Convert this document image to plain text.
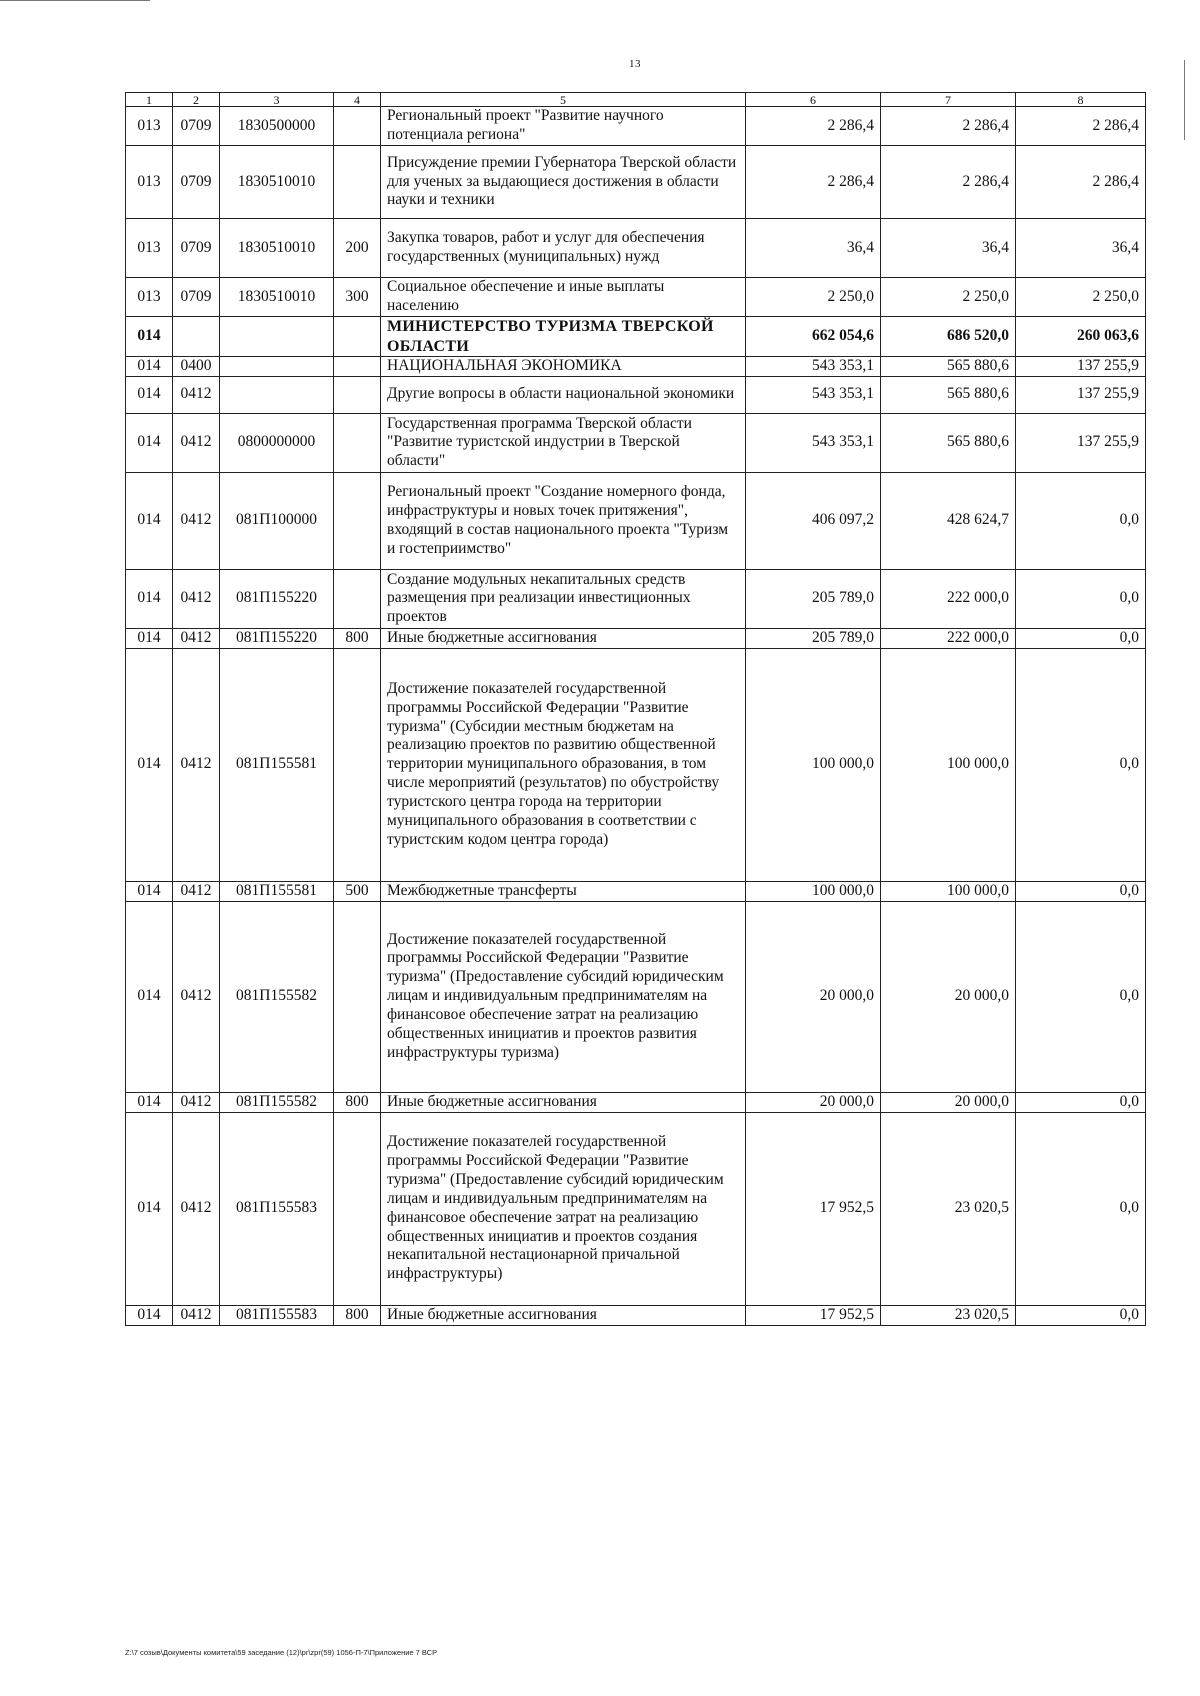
13
1	2	3	4	5	6	7	8
013	0709	1830500000		Региональный проект "Развитие научного потенциала региона"	2 286,4	2 286,4	2 286,4
013	0709	1830510010		Присуждение премии Губернатора Тверской области для ученых за выдающиеся достижения в области науки и техники	2 286,4	2 286,4	2 286,4
013	0709	1830510010	200	Закупка товаров, работ и услуг для обеспечения государственных (муниципальных) нужд	36,4	36,4	36,4
013	0709	1830510010	300	Социальное обеспечение и иные выплаты населению	2 250,0	2 250,0	2 250,0
014				МИНИСТЕРСТВО ТУРИЗМА ТВЕРСКОЙ ОБЛАСТИ	662 054,6	686 520,0	260 063,6
014	0400			НАЦИОНАЛЬНАЯ ЭКОНОМИКА	543 353,1	565 880,6	137 255,9
014	0412			Другие вопросы в области национальной экономики	543 353,1	565 880,6	137 255,9
014	0412	0800000000		Государственная программа Тверской области "Развитие туристской индустрии в Тверской области"	543 353,1	565 880,6	137 255,9
014	0412	081П100000		Региональный проект "Создание номерного фонда, инфраструктуры и новых точек притяжения", входящий в состав национального проекта "Туризм и гостеприимство"	406 097,2	428 624,7	0,0
014	0412	081П155220		Создание модульных некапитальных средств размещения при реализации инвестиционных проектов	205 789,0	222 000,0	0,0
014	0412	081П155220	800	Иные бюджетные ассигнования	205 789,0	222 000,0	0,0
014	0412	081П155581		Достижение показателей государственной программы Российской Федерации "Развитие туризма" (Субсидии местным бюджетам на реализацию проектов по развитию общественной территории муниципального образования, в том числе мероприятий (результатов) по обустройству туристского центра города на территории муниципального образования в соответствии с туристским кодом центра города)	100 000,0	100 000,0	0,0
014	0412	081П155581	500	Межбюджетные трансферты	100 000,0	100 000,0	0,0
014	0412	081П155582		Достижение показателей государственной программы Российской Федерации "Развитие туризма" (Предоставление субсидий юридическим лицам и индивидуальным предпринимателям на финансовое обеспечение затрат на реализацию общественных инициатив и проектов развития инфраструктуры туризма)	20 000,0	20 000,0	0,0
014	0412	081П155582	800	Иные бюджетные ассигнования	20 000,0	20 000,0	0,0
014	0412	081П155583		Достижение показателей государственной программы Российской Федерации "Развитие туризма" (Предоставление субсидий юридическим лицам и индивидуальным предпринимателям на финансовое обеспечение затрат на реализацию общественных инициатив и проектов создания некапитальной нестационарной причальной инфраструктуры)	17 952,5	23 020,5	0,0
014	0412	081П155583	800	Иные бюджетные ассигнования	17 952,5	23 020,5	0,0
Z:\7 созыв\Документы комитета\59 заседание (12)\pr\zpr(59) 1056-П-7\Приложение 7 ВСР
